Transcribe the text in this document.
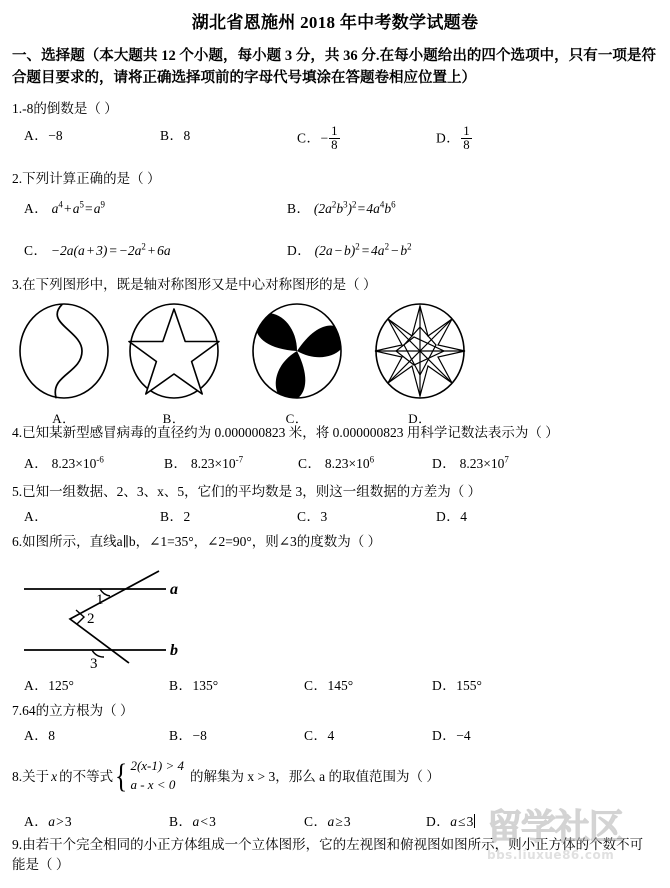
湖北省恩施州 2018 年中考数学试题卷
一、选择题（本大题共 12 个小题，每小题 3 分，共 36 分.在每小题给出的四个选项中，只有一项是符合题目要求的，请将正确选择项前的字母代号填涂在答题卷相应位置上）
1.-8的倒数是（ ）
A．−8	B．8	C．− $\frac{1}{8}$	D． $\frac{1}{8}$
2.下列计算正确的是（ ）
A． $a^4$ + $a^5$ = $a^9$	B． $(2a^2b^3)^2$ = $4a^4b^6$
C． −2a(a + 3) = $-2a^2$ + 6a	D． (2a − b)$^2$ = $4a^2$ − $b^2$
3.在下列图形中，既是轴对称图形又是中心对称图形的是（ ）
A．	B．	C．	D．
4.已知某新型感冒病毒的直径约为 0.000000823 米，将 0.000000823 用科学记数法表示为（ ）
A． $8.23\times 10^{-6}$	B． $8.23\times 10^{-7}$	C． $8.23\times 10^6$	D． $8.23\times 10^7$
5.已知一组数据、2、3、x、5，它们的平均数是 3，则这一组数据的方差为（ ）
A．	B．2	C．3	D．4
6.如图所示，直线a∥b，∠1=35°，∠2=90°，则∠3的度数为（ ）
1
2
3
a
b
A．125°	B．135°	C．145°	D．155°
7.64的立方根为（ ）
A．8	B．−8	C．4	D．−4
8.关于 x 的不等式 { 2(x-1) > 4
a - x < 0
的解集为 x > 3，那么 a 的取值范围为（ ）
A．a > 3	B．a < 3	C．a ≥ 3	D．a ≤ 3
9.由若干个完全相同的小正方体组成一个立体图形，它的左视图和俯视图如图所示，则小正方体的个数不可能是（ ）
留学社区
bbs.liuxue86.com
